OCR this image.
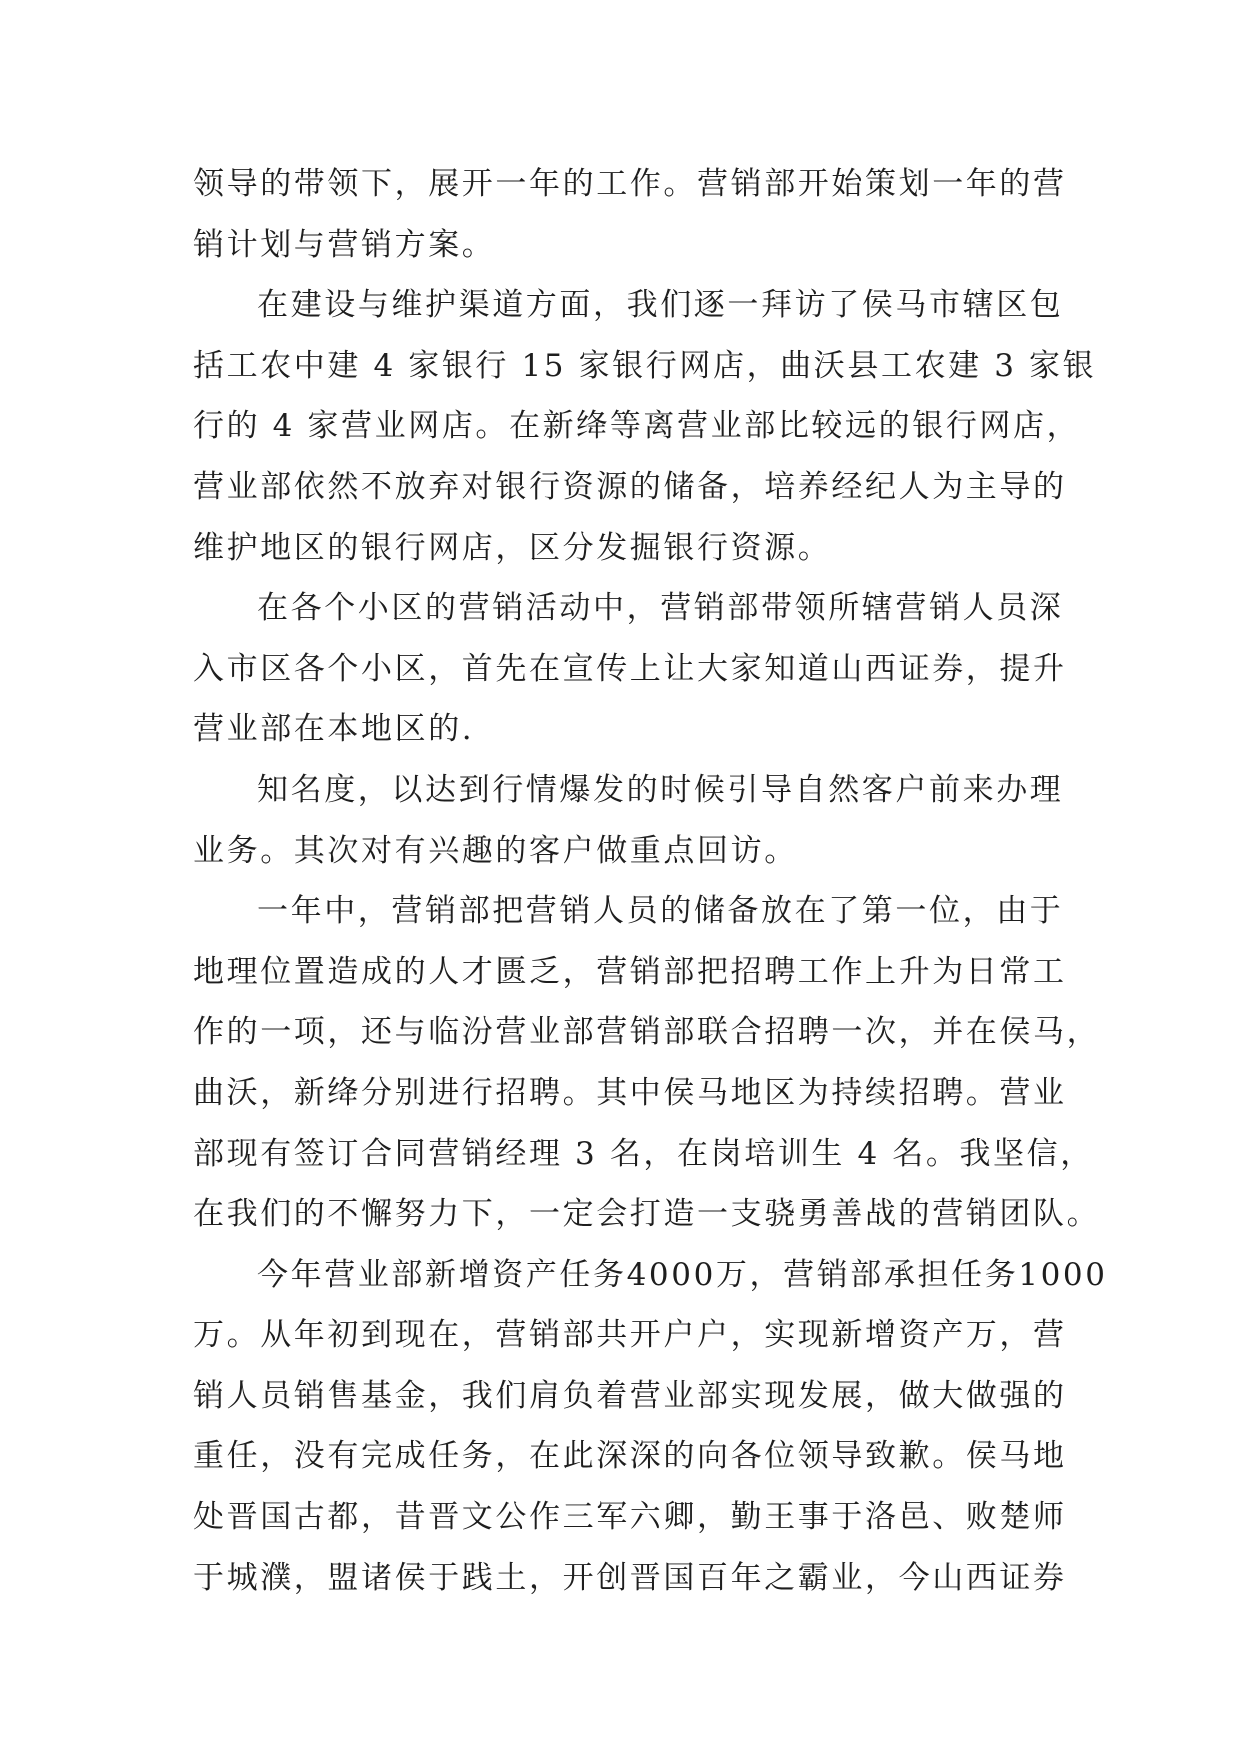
领导的带领下，展开一年的工作。营销部开始策划一年的营
销计划与营销方案。
在建设与维护渠道方面，我们逐一拜访了侯马市辖区包
括工农中建 4 家银行 15 家银行网店，曲沃县工农建 3 家银
行的 4 家营业网店。在新绛等离营业部比较远的银行网店，
营业部依然不放弃对银行资源的储备，培养经纪人为主导的
维护地区的银行网店，区分发掘银行资源。
在各个小区的营销活动中，营销部带领所辖营销人员深
入市区各个小区，首先在宣传上让大家知道山西证券，提升
营业部在本地区的.
知名度，以达到行情爆发的时候引导自然客户前来办理
业务。其次对有兴趣的客户做重点回访。
一年中，营销部把营销人员的储备放在了第一位，由于
地理位置造成的人才匮乏，营销部把招聘工作上升为日常工
作的一项，还与临汾营业部营销部联合招聘一次，并在侯马，
曲沃，新绛分别进行招聘。其中侯马地区为持续招聘。营业
部现有签订合同营销经理 3 名，在岗培训生 4 名。我坚信，
在我们的不懈努力下，一定会打造一支骁勇善战的营销团队。
今年营业部新增资产任务4000万，营销部承担任务1000
万。从年初到现在，营销部共开户户，实现新增资产万，营
销人员销售基金，我们肩负着营业部实现发展，做大做强的
重任，没有完成任务，在此深深的向各位领导致歉。侯马地
处晋国古都，昔晋文公作三军六卿，勤王事于洛邑、败楚师
于城濮，盟诸侯于践土，开创晋国百年之霸业，今山西证券
